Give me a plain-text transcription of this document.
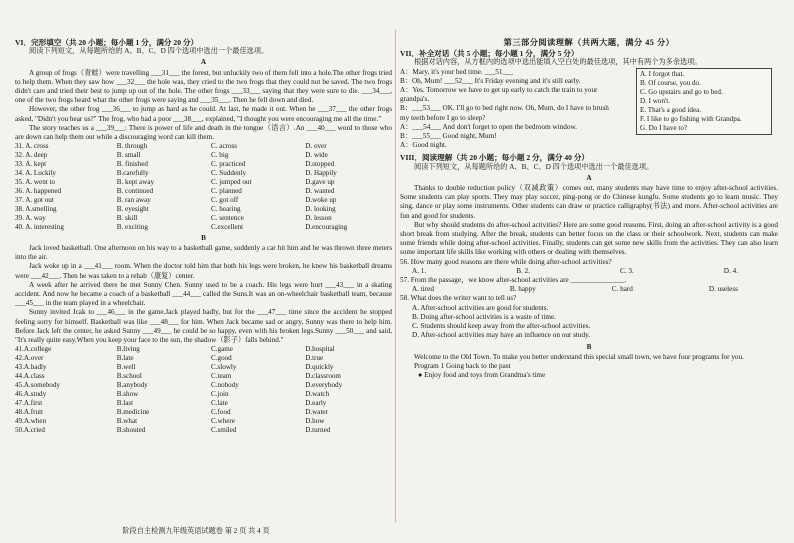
VI．完形填空（共 20 小题；每小题 1 分，满分 20 分）

阅读下列短文，从每题所给的 A、B、C、D 四个选项中选出一个最佳选项。

A

A group of frogs（青蛙）were travelling ___31___ the forest, but unluckily two of them fell into a hole.The other frogs tried to help them. When they saw how ___32___ the hole was, they cried to the two frogs that they could not be saved. The two frogs didn't care and tried their best to jump up out of the hole. The other frogs ___33___ saying that they were sure to die. ___34___, one of the two frogs heard what the other frogs were saying and ___35___. Then he fell down and died.

However, the other frog ___36___ to jump as hard as he could. At last, he made it out. When he ___37___ the other frogs asked, "Didn't you hear us?" The frog, who had a poor ___38___, explained, "I thought you were encouraging me all the time."

The story teaches us a ___39___: There is power of life and death in the tongue（语言）.An ___40___ word to those who are down can help them out while a discouraging word can kill them.

31. A. cross	B. through	C. across	D. over
32. A. deep	B. small	C. big	D. wide
33. A. kept	B. finished	C. practiced	D.stopped
34. A. Luckily	B.carefully	C. Suddenly	D. Happily
35. A. went to	B. kept away	C. jumped out	D.gave up
36. A. happened	B. continued	C. planned	D. wanted
37. A. got out	B. ran away	C. got off	D.woke up
38. A.smelling	B. eyesight	C. hearing	D. looking
39. A. way	B. skill	C. sentence	D. lesson
40. A. interesting	B. exciting	C.excellent	D.encouraging
B

Jack loved basketball. One afternoon on his way to a basketball game, suddenly a car hit him and he was thrown three meters into the air.

Jack woke up in a ___41___ room. When the doctor told him that both his legs were broken, he knew his basketball dreams were ___42___. Then he was taken to a rehab（康复）center.

A week after he arrived there he met Sunny Chen. Sunny used to be a coach. His legs were hurt ___43___ in a skating accident. And now he became a coach of a basketball ___44___ called the Suns.It was an on-wheelchair basketball team, because ___45___ in the team played in a wheelchair.

Sunny invited Jcak to ___46___ in the game.Jack played badly, but for the ___47___ time since the accident he stopped feeling sorry for himself. Basketball was like ___48___ for him. When Jack became sad or angry, Sunny was there to help him. Before Jack left the center, he asked Sunny ___49___ he could be so happy, even with his broken legs.Sunny ___50___ and said, "It's really quite easy.When you keep your face to the sun, the shadow（影子）falls behind."

41.A.college	B.living	C.game	D.hospital
42.A.over	B.late	C.good	D.true
43.A.badly	B.well	C.slowly	D.quickly
44.A.class	B.school	C.team	D.classroom
45.A.somebody	B.anybody	C.nobody	D.everybody
46.A.study	B.show	C.join	D.watch
47.A.first	B.last	C.late	D.early
48.A.fruit	B.medicine	C.food	D.water
49.A.when	B.what	C.where	D.how
50.A.cried	B.shouted	C.smiled	D.turned
第三部分阅读理解（共两大题，满分 45 分）
VII．补全对话（共 5 小题；每小题 1 分，满分 5 分）

根据对话内容，从方框内的选项中选出能填入空白处的最佳选项，其中有两个为多余选项。

A. I forgot that.
B. Of course, you do.
C. Go upstairs and go to bed.
D. I won't.
E. That's a good idea.
F. I like to go fishing with Grandpa.
G. Do I have to?
A：Mary, it's your bed time. ___51___
B：Oh, Mum! ___52___ It's Friday evening and it's still early.
A：Yes. Tomorrow we have to get up early to catch the train to your grandpa's.
B：___53___ OK. I'll go to bed right now. Oh, Mum, do I have to brush my teeth before I go to sleep?
A：___54___ And don't forget to open the bedroom window.
B：___55___ Good night, Mum!
A：Good night.
VIII．阅读理解（共 20 小题；每小题 2 分，满分 40 分）

阅读下列短文，从每题所给的 A、B、C、D 四个选项中选出一个最佳选项。

A

Thanks to double reduction policy（双减政策）comes out, many students may have time to enjoy after-school activities. Some students can play sports. They may play soccer, ping-pong or do Chinese kungfu. Some students go to learn music. They sing, dance or play some instruments. Other students can draw or practice calligraphy(书法) and more. After-school activities are fun and good for students.

But why should students do after-school activities? Here are some good reasons. First, doing an after-school activity is a good short break from studying. After the break, students can better focus on the class or their schoolwork. Next, students can make some friends while doing after-school activities. Finally, students can get some new skills from the activities. They can also learn some important life skills like working with others or dealing with themselves.

56. How many good reasons are there while doing after-school activities?
A. 1.	B. 2.	C. 3.	D. 4.
57. From the passage，we know after-school activities are _______________.
A. tired	B. happy	C. hard	D. useless
58. What does the writer want to tell us?
A. After-school activities are good for students.
B. Doing after-school activities is a waste of time.
C. Students should keep away from the after-school activities.
D. After-school activities may have an influence on our study.
B

Welcome to the Old Town. To make you better understand this special small town, we have four programs for you.

Program 1 Going back to the past
● Enjoy food and toys from Grandma's time
阶段自主检测九年级英语试题卷 第 2 页 共 4 页
